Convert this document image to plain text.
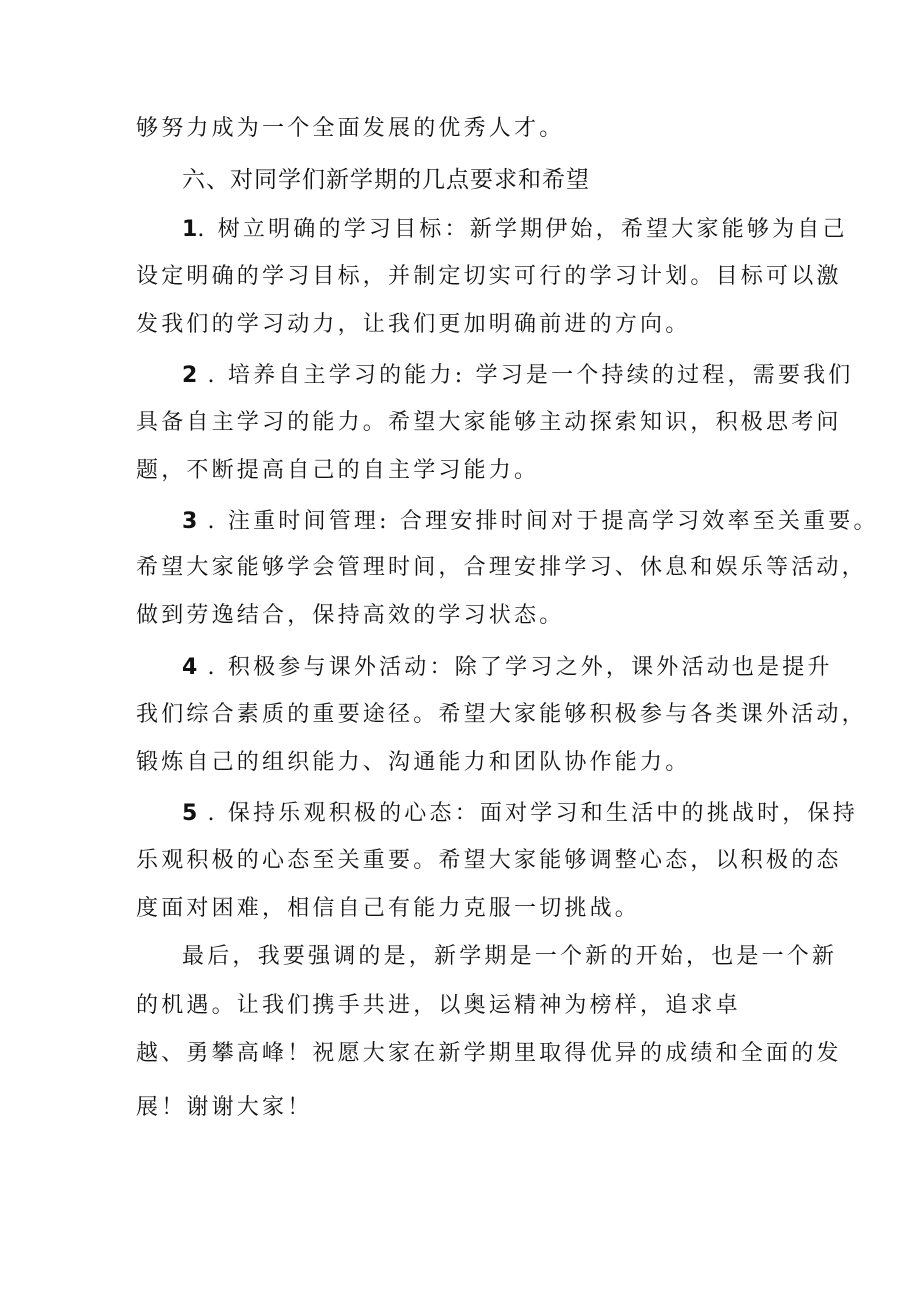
够努力成为一个全面发展的优秀人才。
六、对同学们新学期的几点要求和希望
1. 树立明确的学习目标：新学期伊始，希望大家能够为自己
设定明确的学习目标，并制定切实可行的学习计划。目标可以激
发我们的学习动力，让我们更加明确前进的方向。
2 . 培养自主学习的能力: 学习是一个持续的过程，需要我们
具备自主学习的能力。希望大家能够主动探索知识，积极思考问
题，不断提高自己的自主学习能力。
3 . 注重时间管理: 合理安排时间对于提高学习效率至关重要。
希望大家能够学会管理时间，合理安排学习、休息和娱乐等活动，
做到劳逸结合，保持高效的学习状态。
4 . 积极参与课外活动：除了学习之外，课外活动也是提升
我们综合素质的重要途径。希望大家能够积极参与各类课外活动，
锻炼自己的组织能力、沟通能力和团队协作能力。
5 . 保持乐观积极的心态：面对学习和生活中的挑战时，保持
乐观积极的心态至关重要。希望大家能够调整心态，以积极的态
度面对困难，相信自己有能力克服一切挑战。
最后，我要强调的是，新学期是一个新的开始，也是一个新
的机遇。让我们携手共进，以奥运精神为榜样，追求卓
越、勇攀高峰！祝愿大家在新学期里取得优异的成绩和全面的发
展！谢谢大家！
